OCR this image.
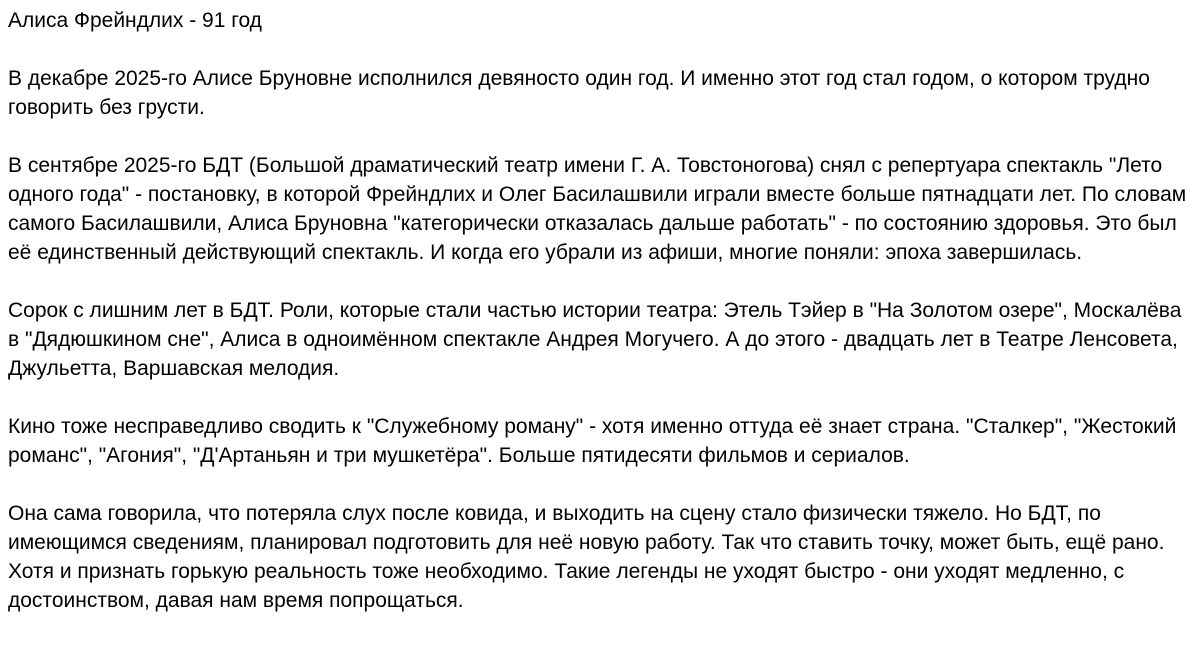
Алиса Фрейндлих - 91 год

В декабре 2025-го Алисе Бруновне исполнился девяносто один год. И именно этот год стал годом, о котором трудно говорить без грусти.

В сентябре 2025-го БДТ (Большой драматический театр имени Г. А. Товстоногова) снял с репертуара спектакль "Лето одного года" - постановку, в которой Фрейндлих и Олег Басилашвили играли вместе больше пятнадцати лет. По словам самого Басилашвили, Алиса Бруновна "категорически отказалась дальше работать" - по состоянию здоровья. Это был её единственный действующий спектакль. И когда его убрали из афиши, многие поняли: эпоха завершилась.

Сорок с лишним лет в БДТ. Роли, которые стали частью истории театра: Этель Тэйер в "На Золотом озере", Москалёва в "Дядюшкином сне", Алиса в одноимённом спектакле Андрея Могучего. А до этого - двадцать лет в Театре Ленсовета, Джульетта, Варшавская мелодия.

Кино тоже несправедливо сводить к "Служебному роману" - хотя именно оттуда её знает страна. "Сталкер", "Жестокий романс", "Агония", "Д'Артаньян и три мушкетёра". Больше пятидесяти фильмов и сериалов.

Она сама говорила, что потеряла слух после ковида, и выходить на сцену стало физически тяжело. Но БДТ, по имеющимся сведениям, планировал подготовить для неё новую работу. Так что ставить точку, может быть, ещё рано. Хотя и признать горькую реальность тоже необходимо. Такие легенды не уходят быстро - они уходят медленно, с достоинством, давая нам время попрощаться.
